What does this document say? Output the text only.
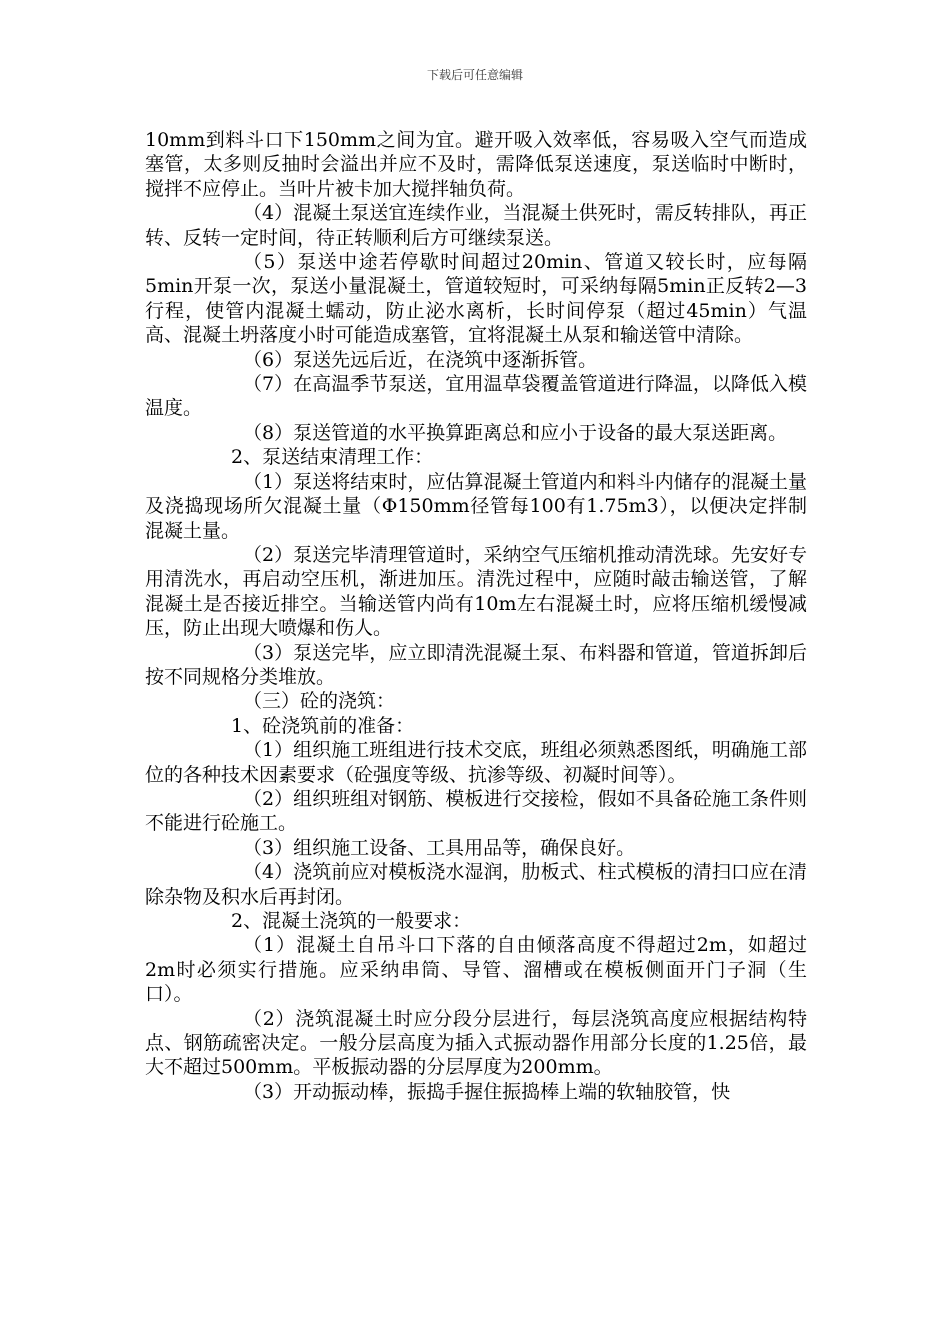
下载后可任意编辑

10mm到料斗口下150mm之间为宜。避开吸入效率低，容易吸入空气而造成塞管，太多则反抽时会溢出并应不及时，需降低泵送速度，泵送临时中断时，搅拌不应停止。当叶片被卡加大搅拌轴负荷。

（4）混凝土泵送宜连续作业，当混凝土供死时，需反转排队，再正转、反转一定时间，待正转顺利后方可继续泵送。

（5）泵送中途若停歇时间超过20min、管道又较长时，应每隔5min开泵一次，泵送小量混凝土，管道较短时，可采纳每隔5min正反转2—3行程，使管内混凝土蠕动，防止泌水离析，长时间停泵（超过45min）气温高、混凝土坍落度小时可能造成塞管，宜将混凝土从泵和输送管中清除。

（6）泵送先远后近，在浇筑中逐渐拆管。

（7）在高温季节泵送，宜用温草袋覆盖管道进行降温，以降低入模温度。

（8）泵送管道的水平换算距离总和应小于设备的最大泵送距离。

2、泵送结束清理工作：

（1）泵送将结束时，应估算混凝土管道内和料斗内储存的混凝土量及浇捣现场所欠混凝土量（Φ150mm径管每100有1.75m3），以便决定拌制混凝土量。

（2）泵送完毕清理管道时，采纳空气压缩机推动清洗球。先安好专用清洗水，再启动空压机，渐进加压。清洗过程中，应随时敲击输送管，了解混凝土是否接近排空。当输送管内尚有10m左右混凝土时，应将压缩机缓慢减压，防止出现大喷爆和伤人。

（3）泵送完毕，应立即清洗混凝土泵、布料器和管道，管道拆卸后按不同规格分类堆放。

（三）砼的浇筑：

1、砼浇筑前的准备：

（1）组织施工班组进行技术交底，班组必须熟悉图纸，明确施工部位的各种技术因素要求（砼强度等级、抗渗等级、初凝时间等）。

（2）组织班组对钢筋、模板进行交接检，假如不具备砼施工条件则不能进行砼施工。

（3）组织施工设备、工具用品等，确保良好。

（4）浇筑前应对模板浇水湿润，肋板式、柱式模板的清扫口应在清除杂物及积水后再封闭。

2、混凝土浇筑的一般要求：

（1）混凝土自吊斗口下落的自由倾落高度不得超过2m，如超过2m时必须实行措施。应采纳串筒、导管、溜槽或在模板侧面开门子洞（生口）。

（2）浇筑混凝土时应分段分层进行，每层浇筑高度应根据结构特点、钢筋疏密决定。一般分层高度为插入式振动器作用部分长度的1.25倍，最大不超过500mm。平板振动器的分层厚度为200mm。

（3）开动振动棒，振捣手握住振捣棒上端的软轴胶管，快
